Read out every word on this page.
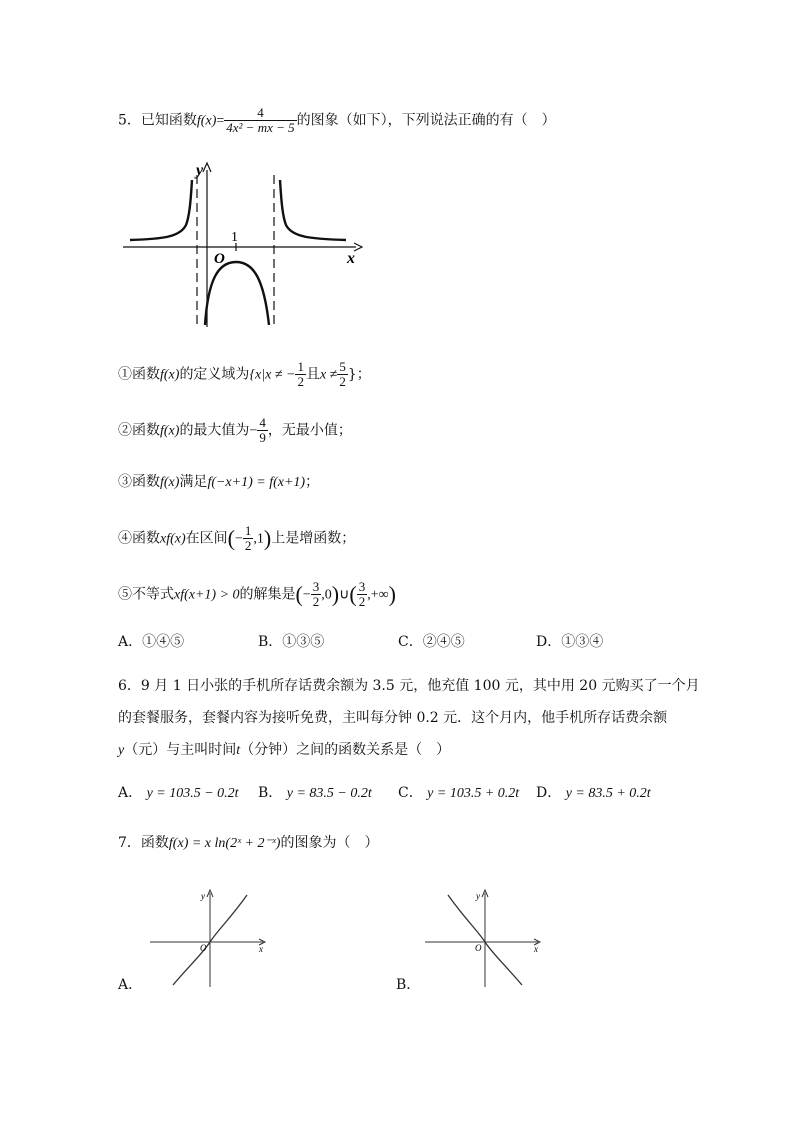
5．已知函数$f(x)= \frac{4}{\text{4x² − mx − 5}}$ 的图象（如下），下列说法正确的有（　）
1
O	x
y
①函数f(x)的定义域为{x|x ≠ − $\frac{1}{2}$ 且$x \ne \frac{5}{2}$ }；
②函数f(x)的最大值为− $\frac{4}{9}$ ，无最小值；
③函数f(x)满足f(−x+1) = f(x+1)；
④函数xf(x)在区间(− $\frac{1}{2} ,1$)上是增函数；
⑤不等式xf(x+1) > 0的解集是(− $\frac{3}{2}$ ,0)∪( $\frac{3}{2}$ ,+∞)
A．①④⑤	B．①③⑤	C．②④⑤	D．①③④
6．9 月 1 日小张的手机所存话费余额为 3.5 元，他充值 100 元，其中用 20 元购买了一个月
的套餐服务，套餐内容为接听免费，主叫每分钟 0.2 元．这个月内，他手机所存话费余额
y（元）与主叫时间t（分钟）之间的函数关系是（　）
A． y = 103.5 − 0.2t B． y = 83.5 − 0.2t C． y = 103.5 + 0.2t D． y = 83.5 + 0.2t
7．函数f(x) = x ln(2ˣ + 2⁻ˣ)的图象为（　）
A．
y
x
O
B．
y
x
O
